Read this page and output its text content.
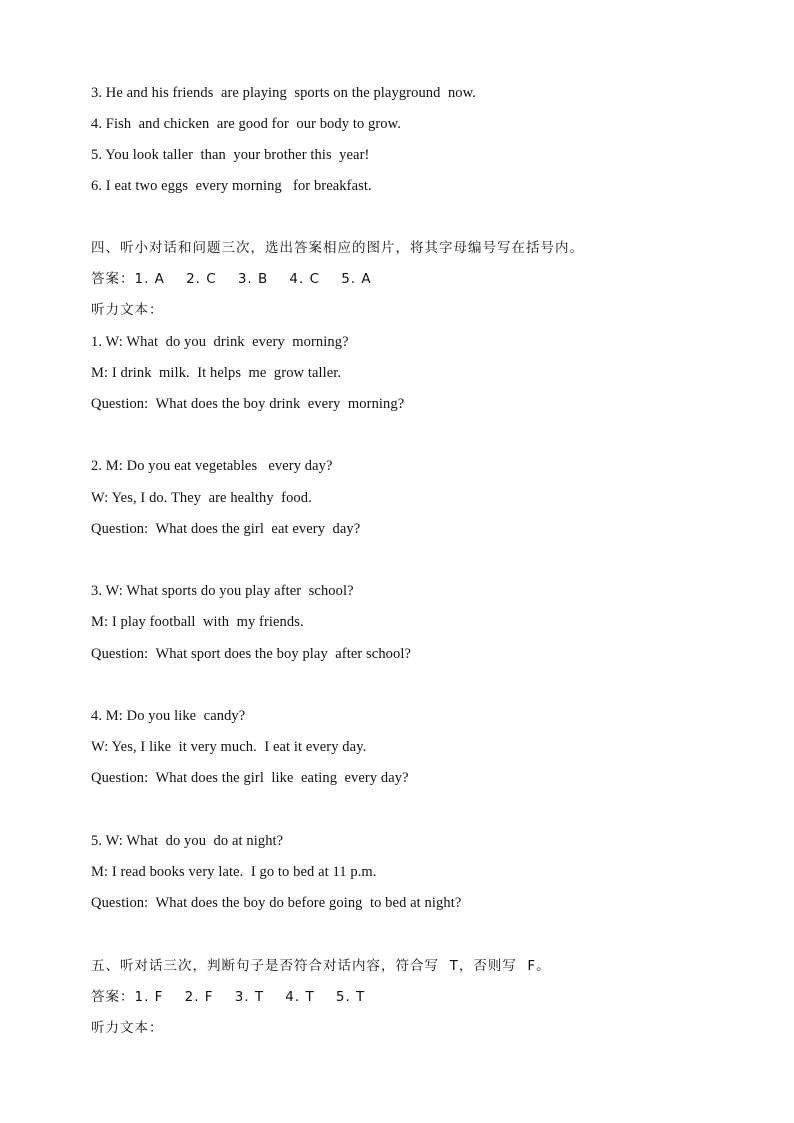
3. He and his friends  are playing  sports on the playground  now.
4. Fish  and chicken  are good for  our body to grow.
5. You look taller  than  your brother this  year!
6. I eat two eggs  every morning   for breakfast.
四、听小对话和问题三次，选出答案相应的图片，将其字母编号写在括号内。
答案：1. A    2. C    3. B    4. C    5. A
听力文本：
1. W: What  do you  drink  every  morning?
M: I drink  milk.  It helps  me  grow taller.
Question:  What does the boy drink  every  morning?
2. M: Do you eat vegetables   every day?
W: Yes, I do. They  are healthy  food.
Question:  What does the girl  eat every  day?
3. W: What sports do you play after  school?
M: I play football  with  my friends.
Question:  What sport does the boy play  after school?
4. M: Do you like  candy?
W: Yes, I like  it very much.  I eat it every day.
Question:  What does the girl  like  eating  every day?
5. W: What  do you  do at night?
M: I read books very late.  I go to bed at 11 p.m.
Question:  What does the boy do before going  to bed at night?
五、听对话三次，判断句子是否符合对话内容，符合写  T，否则写  F。
答案：1. F    2. F    3. T    4. T    5. T
听力文本：
